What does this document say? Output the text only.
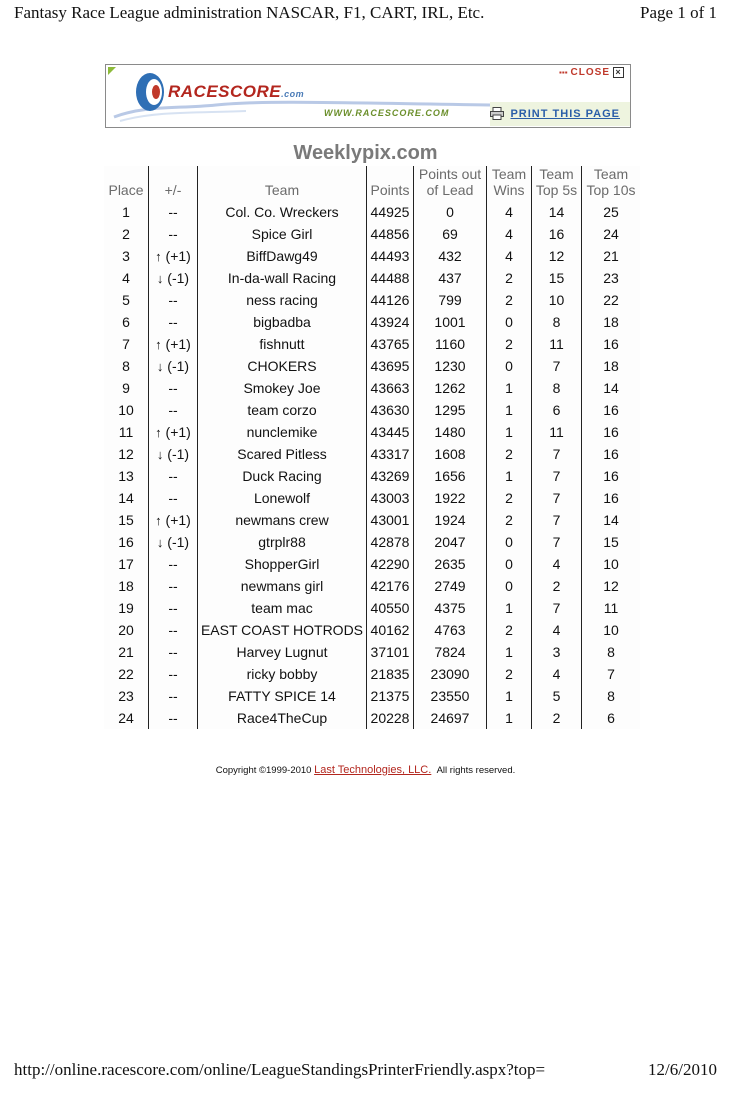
Fantasy Race League administration NASCAR, F1, CART, IRL, Etc.	Page 1 of 1
RACESCORE.com
WWW.RACESCORE.COM
▪▪▪ CLOSE ×
PRINT THIS PAGE
Weeklypix.com
Place	+/-	Team	Points	Points out of Lead	Team Wins	Team Top 5s	Team Top 10s
1	--	Col. Co. Wreckers	44925	0	4	14	25
2	--	Spice Girl	44856	69	4	16	24
3	↑ (+1)	BiffDawg49	44493	432	4	12	21
4	↓ (-1)	In-da-wall Racing	44488	437	2	15	23
5	--	ness racing	44126	799	2	10	22
6	--	bigbadba	43924	1001	0	8	18
7	↑ (+1)	fishnutt	43765	1160	2	11	16
8	↓ (-1)	CHOKERS	43695	1230	0	7	18
9	--	Smokey Joe	43663	1262	1	8	14
10	--	team corzo	43630	1295	1	6	16
11	↑ (+1)	nunclemike	43445	1480	1	11	16
12	↓ (-1)	Scared Pitless	43317	1608	2	7	16
13	--	Duck Racing	43269	1656	1	7	16
14	--	Lonewolf	43003	1922	2	7	16
15	↑ (+1)	newmans crew	43001	1924	2	7	14
16	↓ (-1)	gtrplr88	42878	2047	0	7	15
17	--	ShopperGirl	42290	2635	0	4	10
18	--	newmans girl	42176	2749	0	2	12
19	--	team mac	40550	4375	1	7	11
20	--	EAST COAST HOTRODS	40162	4763	2	4	10
21	--	Harvey Lugnut	37101	7824	1	3	8
22	--	ricky bobby	21835	23090	2	4	7
23	--	FATTY SPICE 14	21375	23550	1	5	8
24	--	Race4TheCup	20228	24697	1	2	6
Copyright ©1999-2010 Last Technologies, LLC. All rights reserved.
http://online.racescore.com/online/LeagueStandingsPrinterFriendly.aspx?top=	12/6/2010
